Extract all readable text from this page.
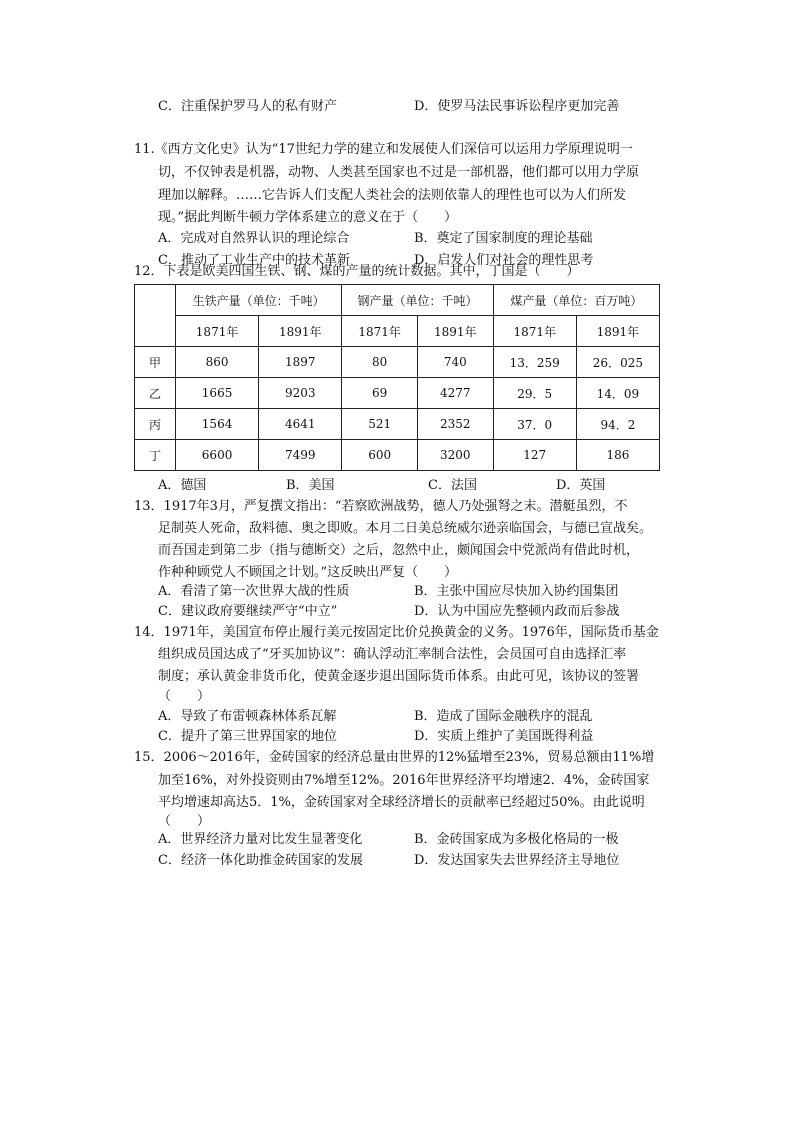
C．注重保护罗马人的私有财产	D．使罗马法民事诉讼程序更加完善
11.《西方文化史》认为“17世纪力学的建立和发展使人们深信可以运用力学原理说明一
切，不仅钟表是机器，动物、人类甚至国家也不过是一部机器，他们都可以用力学原
理加以解释。……它告诉人们支配人类社会的法则依靠人的理性也可以为人们所发
现。”据此判断牛顿力学体系建立的意义在于（　　）
A．完成对自然界认识的理论综合	B．奠定了国家制度的理论基础
C．推动了工业生产中的技术革新	D．启发人们对社会的理性思考
12．下表是欧美四国生铁、钢、煤的产量的统计数据。其中，丁国是（　　）
	生铁产量（单位：千吨）		钢产量（单位：千吨）		煤产量（单位：百万吨）	
	1871年	1891年	1871年	1891年	1871年	1891年
甲	860	1897	80	740	13．259	26．025
乙	1665	9203	69	4277	29．5	14．09
丙	1564	4641	521	2352	37．0	94．2
丁	6600	7499	600	3200	127	186
A．德国	B．美国	C．法国	D．英国
13．1917年3月，严复撰文指出：“若察欧洲战势，德人乃处强弩之末。潜艇虽烈，不
足制英人死命，敌料德、奥之即败。本月二日美总统威尔逊亲临国会，与德已宣战矣。
而吾国走到第二步（指与德断交）之后，忽然中止，颇闻国会中党派尚有借此时机，
作种种顾党人不顾国之计划。”这反映出严复（　　）
A．看清了第一次世界大战的性质	B．主张中国应尽快加入协约国集团
C．建议政府要继续严守“中立”	D．认为中国应先整顿内政而后参战
14．1971年，美国宣布停止履行美元按固定比价兑换黄金的义务。1976年，国际货币基金
组织成员国达成了“牙买加协议”：确认浮动汇率制合法性，会员国可自由选择汇率
制度；承认黄金非货币化，使黄金逐步退出国际货币体系。由此可见，该协议的签署
（　　）
A．导致了布雷顿森林体系瓦解	B．造成了国际金融秩序的混乱
C．提升了第三世界国家的地位	D．实质上维护了美国既得利益
15．2006～2016年，金砖国家的经济总量由世界的12%猛增至23%，贸易总额由11%增
加至16%，对外投资则由7%增至12%。2016年世界经济平均增速2．4%，金砖国家
平均增速却高达5．1%，金砖国家对全球经济增长的贡献率已经超过50%。由此说明
（　　）
A．世界经济力量对比发生显著变化	B．金砖国家成为多极化格局的一极
C．经济一体化助推金砖国家的发展	D．发达国家失去世界经济主导地位
